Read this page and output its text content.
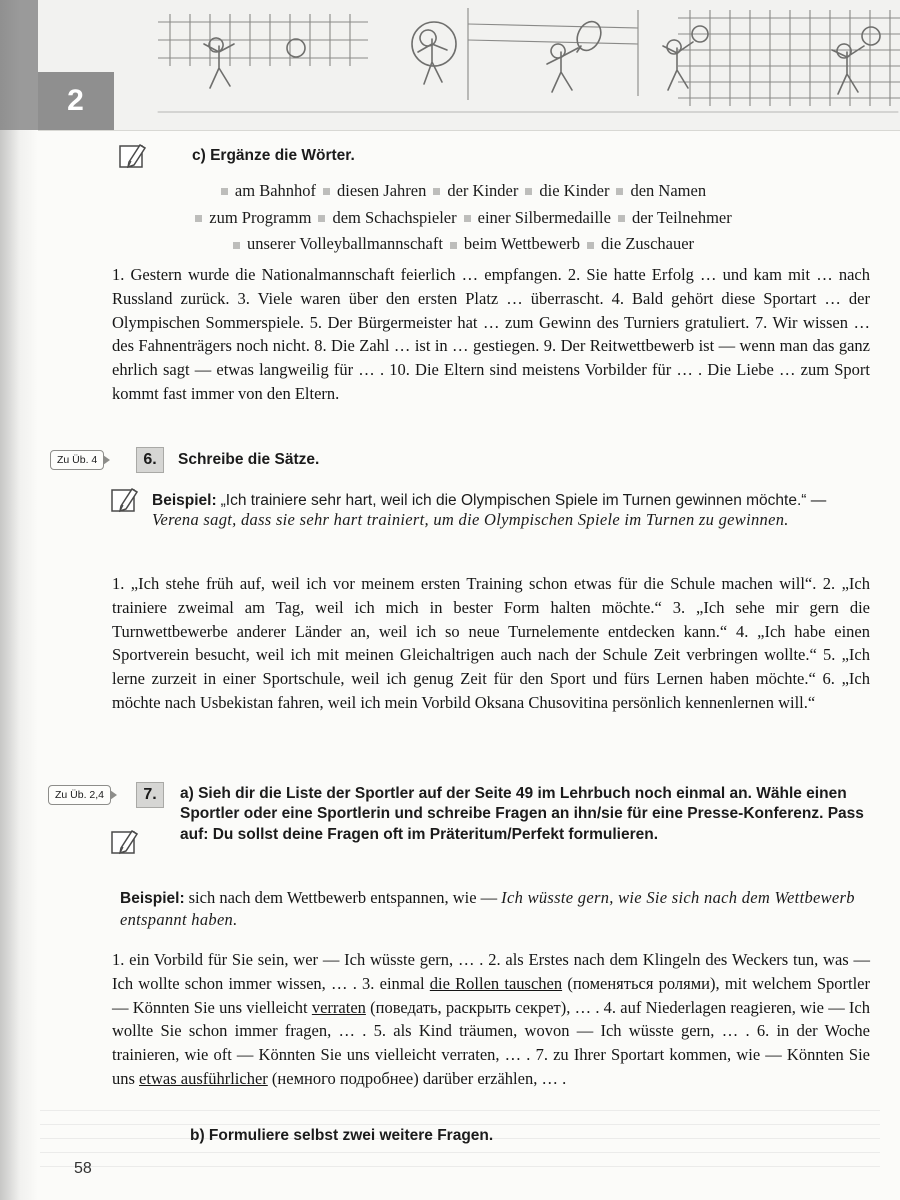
2
c) Ergänze die Wörter.
am Bahnhof diesen Jahren der Kinder die Kinder den Namen
zum Programm dem Schachspieler einer Silbermedaille der Teilnehmer
unserer Volleyballmannschaft beim Wettbewerb die Zuschauer
1. Gestern wurde die Nationalmannschaft feierlich … empfangen. 2. Sie hatte Erfolg … und kam mit … nach Russland zurück. 3. Viele waren über den ersten Platz … überrascht. 4. Bald gehört diese Sportart … der Olympischen Sommerspiele. 5. Der Bürgermeister hat … zum Gewinn des Turniers gratuliert. 7. Wir wissen … des Fahnenträgers noch nicht. 8. Die Zahl … ist in … gestiegen. 9. Der Reitwettbewerb ist — wenn man das ganz ehrlich sagt — etwas langweilig für … . 10. Die Eltern sind meistens Vorbilder für … . Die Liebe … zum Sport kommt fast immer von den Eltern.
Zu Üb. 4	6.	Schreibe die Sätze.
Beispiel: „Ich trainiere sehr hart, weil ich die Olympischen Spiele im Turnen gewinnen möchte.“ — Verena sagt, dass sie sehr hart trainiert, um die Olympischen Spiele im Turnen zu gewinnen.
1. „Ich stehe früh auf, weil ich vor meinem ersten Training schon etwas für die Schule machen will“. 2. „Ich trainiere zweimal am Tag, weil ich mich in bester Form halten möchte.“ 3. „Ich sehe mir gern die Turnwettbewerbe anderer Länder an, weil ich so neue Turnelemente entdecken kann.“ 4. „Ich habe einen Sportverein besucht, weil ich mit meinen Gleichaltrigen auch nach der Schule Zeit verbringen wollte.“ 5. „Ich lerne zurzeit in einer Sportschule, weil ich genug Zeit für den Sport und fürs Lernen haben möchte.“ 6. „Ich möchte nach Usbekistan fahren, weil ich mein Vorbild Oksana Chusovitina persönlich kennenlernen will.“
Zu Üb. 2,4	7.	a) Sieh dir die Liste der Sportler auf der Seite 49 im Lehrbuch noch einmal an. Wähle einen Sportler oder eine Sportlerin und schreibe Fragen an ihn/sie für eine Presse-Konferenz. Pass auf: Du sollst deine Fragen oft im Präteritum/Perfekt formulieren.
Beispiel: sich nach dem Wettbewerb entspannen, wie — Ich wüsste gern, wie Sie sich nach dem Wettbewerb entspannt haben.
1. ein Vorbild für Sie sein, wer — Ich wüsste gern, … . 2. als Erstes nach dem Klingeln des Weckers tun, was — Ich wollte schon immer wissen, … . 3. einmal die Rollen tauschen (поменяться ролями), mit welchem Sportler — Könnten Sie uns vielleicht verraten (поведать, раскрыть секрет), … . 4. auf Niederlagen reagieren, wie — Ich wollte Sie schon immer fragen, … . 5. als Kind träumen, wovon — Ich wüsste gern, … . 6. in der Woche trainieren, wie oft — Könnten Sie uns vielleicht verraten, … . 7. zu Ihrer Sportart kommen, wie — Könnten Sie uns etwas ausführlicher (немного подробнее) darüber erzählen, … .
b) Formuliere selbst zwei weitere Fragen.
58
